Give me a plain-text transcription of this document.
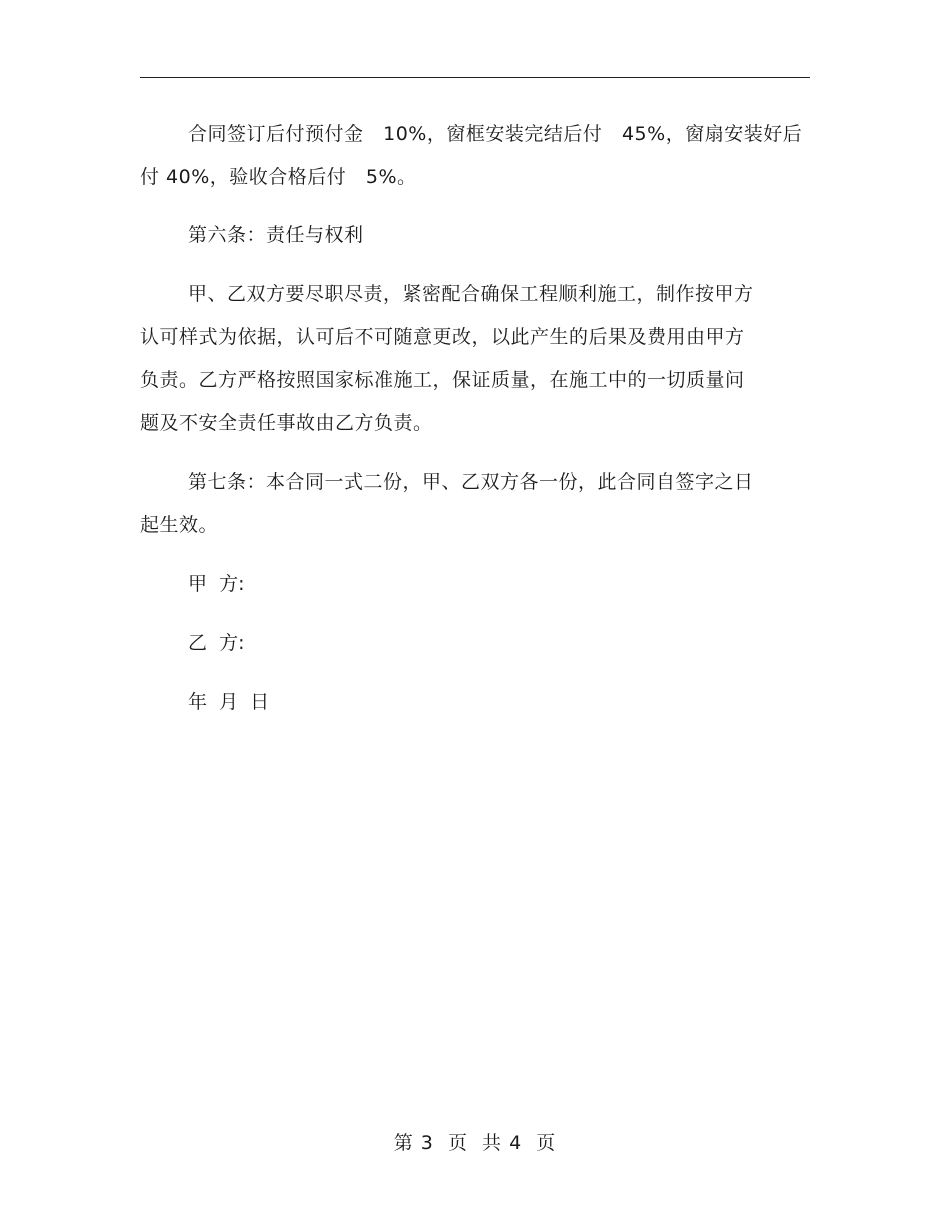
合同签订后付预付金   10%，窗框安装完结后付   45%，窗扇安装好后

付 40%，验收合格后付   5%。

第六条：责任与权利

甲、乙双方要尽职尽责，紧密配合确保工程顺利施工，制作按甲方

认可样式为依据，认可后不可随意更改，以此产生的后果及费用由甲方

负责。乙方严格按照国家标准施工，保证质量，在施工中的一切质量问

题及不安全责任事故由乙方负责。

第七条：本合同一式二份，甲、乙双方各一份，此合同自签字之日

起生效。

甲  方:

乙  方:

年  月  日

第 3  页  共 4  页
